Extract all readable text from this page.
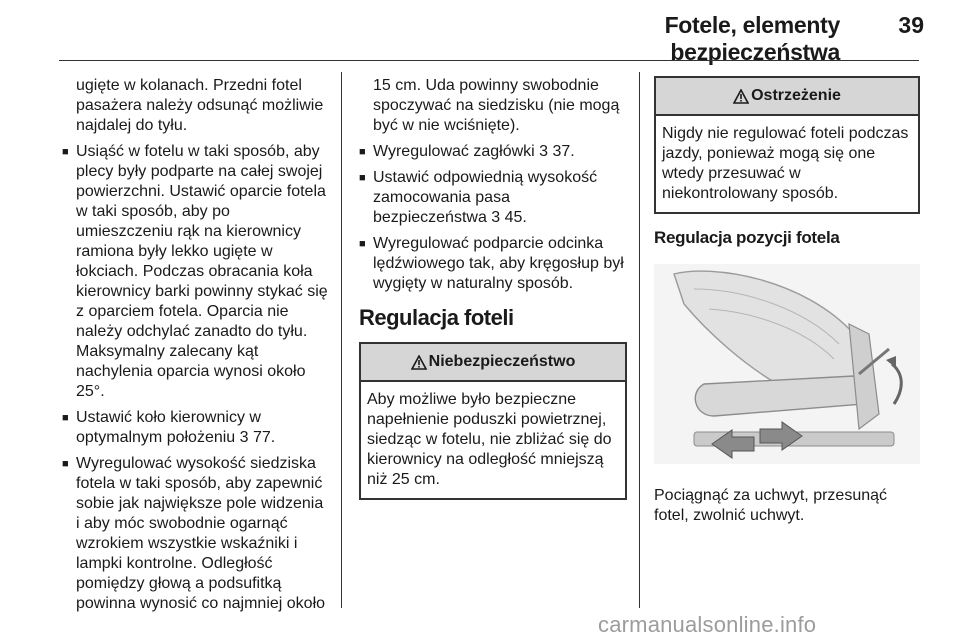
Fotele, elementy bezpieczeństwa
39

ugięte w kolanach. Przedni fotel pasażera należy odsunąć możliwie najdalej do tyłu.

■ Usiąść w fotelu w taki sposób, aby plecy były podparte na całej swojej powierzchni. Ustawić oparcie fotela w taki sposób, aby po umieszczeniu rąk na kierownicy ramiona były lekko ugięte w łokciach. Podczas obracania koła kierownicy barki powinny stykać się z oparciem fotela. Oparcia nie należy odchylać zanadto do tyłu. Maksymalny zalecany kąt nachylenia oparcia wynosi około 25°.
■ Ustawić koło kierownicy w optymalnym położeniu 3 77.
■ Wyregulować wysokość siedziska fotela w taki sposób, aby zapewnić sobie jak największe pole widzenia i aby móc swobodnie ogarnąć wzrokiem wszystkie wskaźniki i lampki kontrolne. Odległość pomiędzy głową a podsufitką powinna wynosić co najmniej około

15 cm. Uda powinny swobodnie spoczywać na siedzisku (nie mogą być w nie wciśnięte).

■ Wyregulować zagłówki 3 37.
■ Ustawić odpowiednią wysokość zamocowania pasa bezpieczeństwa 3 45.
■ Wyregulować podparcie odcinka lędźwiowego tak, aby kręgosłup był wygięty w naturalny sposób.
Regulacja foteli
Niebezpieczeństwo
Aby możliwe było bezpieczne napełnienie poduszki powietrznej, siedząc w fotelu, nie zbliżać się do kierownicy na odległość mniejszą niż 25 cm.
Ostrzeżenie
Nigdy nie regulować foteli podczas jazdy, ponieważ mogą się one wtedy przesuwać w niekontrolowany sposób.
Regulacja pozycji fotela

Pociągnąć za uchwyt, przesunąć fotel, zwolnić uchwyt.

carmanualsonline.info
